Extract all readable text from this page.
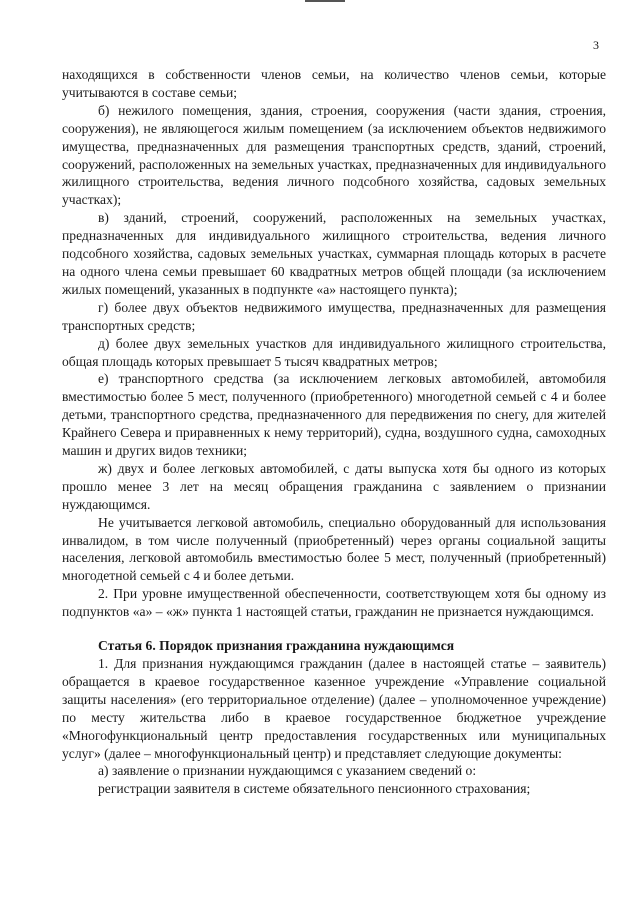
3

находящихся в собственности членов семьи, на количество членов семьи, которые учитываются в составе семьи;

б) нежилого помещения, здания, строения, сооружения (части здания, строения, сооружения), не являющегося жилым помещением (за исключением объектов недвижимого имущества, предназначенных для размещения транспортных средств, зданий, строений, сооружений, расположенных на земельных участках, предназначенных для индивидуального жилищного строительства, ведения личного подсобного хозяйства, садовых земельных участках);

в) зданий, строений, сооружений, расположенных на земельных участках, предназначенных для индивидуального жилищного строительства, ведения личного подсобного хозяйства, садовых земельных участках, суммарная площадь которых в расчете на одного члена семьи превышает 60 квадратных метров общей площади (за исключением жилых помещений, указанных в подпункте «а» настоящего пункта);

г) более двух объектов недвижимого имущества, предназначенных для размещения транспортных средств;

д) более двух земельных участков для индивидуального жилищного строительства, общая площадь которых превышает 5 тысяч квадратных метров;

е) транспортного средства (за исключением легковых автомобилей, автомобиля вместимостью более 5 мест, полученного (приобретенного) многодетной семьей с 4 и более детьми, транспортного средства, предназначенного для передвижения по снегу, для жителей Крайнего Севера и приравненных к нему территорий), судна, воздушного судна, самоходных машин и других видов техники;

ж) двух и более легковых автомобилей, с даты выпуска хотя бы одного из которых прошло менее 3 лет на месяц обращения гражданина с заявлением о признании нуждающимся.

Не учитывается легковой автомобиль, специально оборудованный для использования инвалидом, в том числе полученный (приобретенный) через органы социальной защиты населения, легковой автомобиль вместимостью более 5 мест, полученный (приобретенный) многодетной семьей с 4 и более детьми.

2. При уровне имущественной обеспеченности, соответствующем хотя бы одному из подпунктов «а» – «ж» пункта 1 настоящей статьи, гражданин не признается нуждающимся.

Статья 6. Порядок признания гражданина нуждающимся

1. Для признания нуждающимся гражданин (далее в настоящей статье – заявитель) обращается в краевое государственное казенное учреждение «Управление социальной защиты населения» (его территориальное отделение) (далее – уполномоченное учреждение) по месту жительства либо в краевое государственное бюджетное учреждение «Многофункциональный центр предоставления государственных или муниципальных услуг» (далее – многофункциональный центр) и представляет следующие документы:

а) заявление о признании нуждающимся с указанием сведений о:

регистрации заявителя в системе обязательного пенсионного страхования;
